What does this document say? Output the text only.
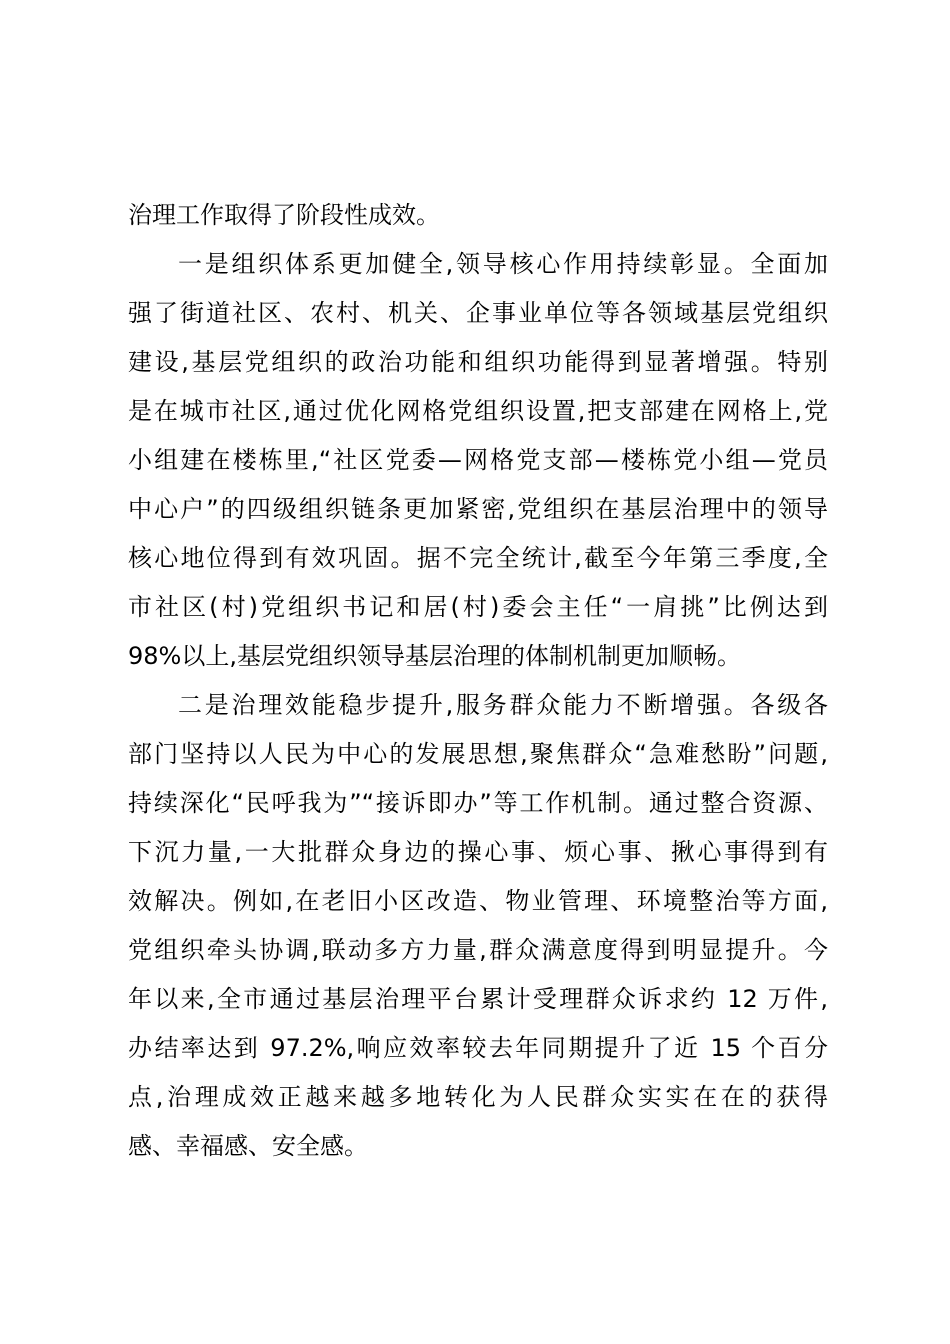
治理工作取得了阶段性成效。
一是组织体系更加健全,领导核心作用持续彰显。全面加
强了街道社区、农村、机关、企事业单位等各领域基层党组织
建设,基层党组织的政治功能和组织功能得到显著增强。特别
是在城市社区,通过优化网格党组织设置,把支部建在网格上,党
小组建在楼栋里,“社区党委—网格党支部—楼栋党小组—党员
中心户”的四级组织链条更加紧密,党组织在基层治理中的领导
核心地位得到有效巩固。据不完全统计,截至今年第三季度,全
市社区(村)党组织书记和居(村)委会主任“一肩挑”比例达到
98%以上,基层党组织领导基层治理的体制机制更加顺畅。
二是治理效能稳步提升,服务群众能力不断增强。各级各
部门坚持以人民为中心的发展思想,聚焦群众“急难愁盼”问题,
持续深化“民呼我为”“接诉即办”等工作机制。通过整合资源、
下沉力量,一大批群众身边的操心事、烦心事、揪心事得到有
效解决。例如,在老旧小区改造、物业管理、环境整治等方面,
党组织牵头协调,联动多方力量,群众满意度得到明显提升。今
年以来,全市通过基层治理平台累计受理群众诉求约 12 万件,
办结率达到 97.2%,响应效率较去年同期提升了近 15 个百分
点,治理成效正越来越多地转化为人民群众实实在在的获得
感、幸福感、安全感。
